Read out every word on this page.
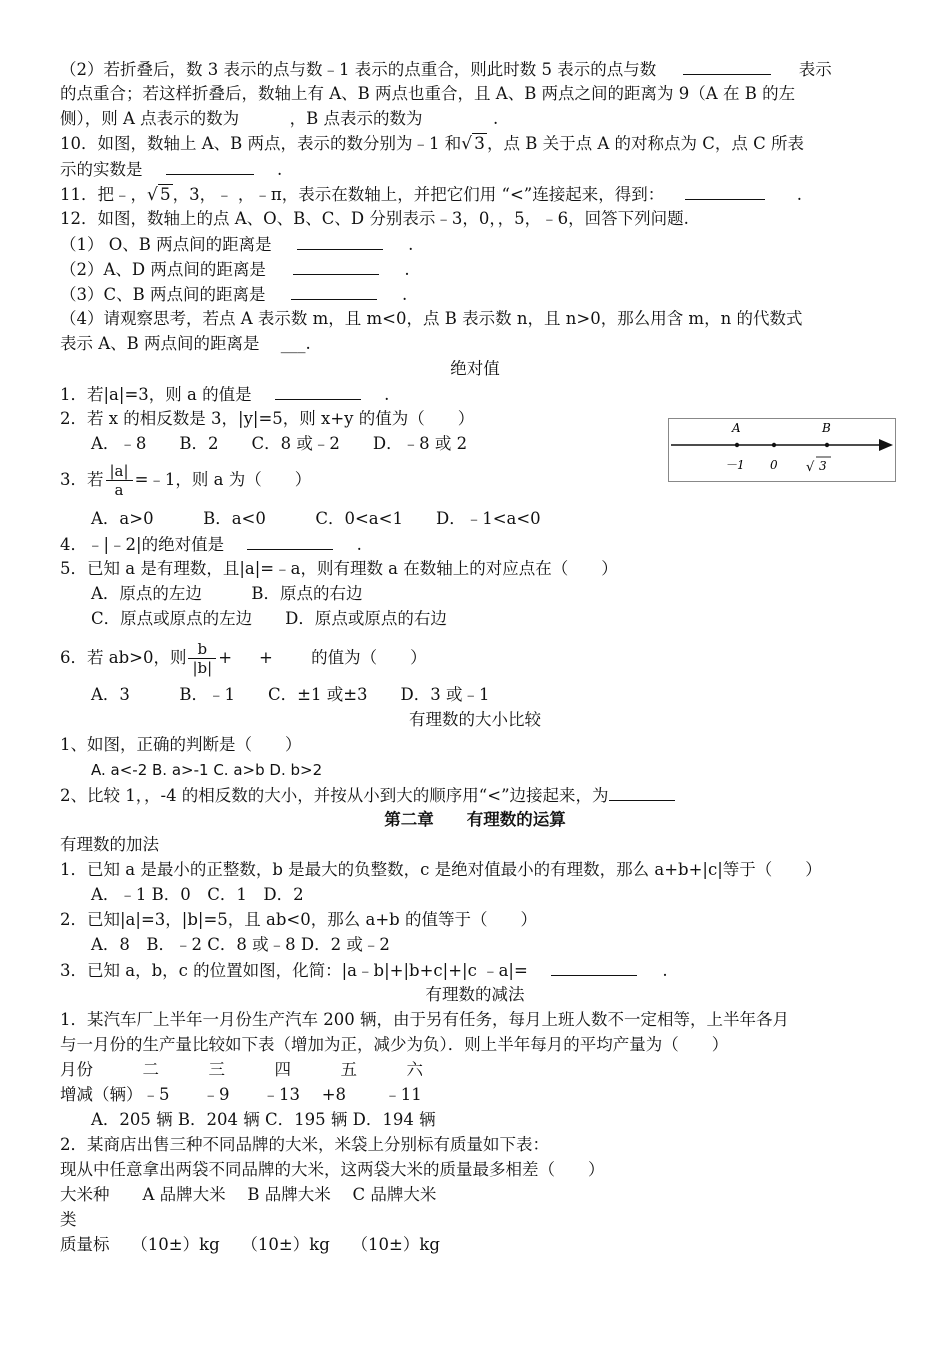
（2）若折叠后，数 3 表示的点与数﹣1 表示的点重合，则此时数 5 表示的点与数	表示
的点重合；若这样折叠后，数轴上有 A、B 两点也重合，且 A、B 两点之间的距离为 9（A 在 B 的左
侧），则 A 点表示的数为	，B 点表示的数为	.
10．如图，数轴上 A、B 两点，表示的数分别为﹣1 和√ 3 ，点 B 关于点 A 的对称点为 C，点 C 所表
示的实数是	.
11．把﹣，√ 5 ，3，﹣ ，﹣π，表示在数轴上，并把它们用 “<”连接起来，得到：	.
12．如图，数轴上的点 A、O、B、C、D 分别表示﹣3，0，，5，﹣6，回答下列问题.
（1） O、B 两点间的距离是	.
（2）A、D 两点间的距离是	.
（3）C、B 两点间的距离是	.
（4）请观察思考，若点 A 表示数 m，且 m<0，点 B 表示数 n，且 n>0，那么用含 m，n 的代数式
表示 A、B 两点间的距离是 ___.
绝对值
1．若|a|=3，则 a 的值是	.
2．若 x 的相反数是 3，|y|=5，则 x+y 的值为（　　）
A．﹣8　　B．2　　C．8 或﹣2　　D．﹣8 或 2
A	B
－1 0 √ 3
3．若 $\frac{|a|}{a}$ =﹣1，则 a 为（　　）
A．a>0　　　B．a<0　　　C．0<a<1　　D．﹣1<a<0
4．﹣|﹣2|的绝对值是	.
5．已知 a 是有理数，且|a|=﹣a，则有理数 a 在数轴上的对应点在（　　）
A．原点的左边　　　B．原点的右边
C．原点或原点的左边　　D．原点或原点的右边
6．若 ab>0，则 $\frac{b}{|b|}$ + 　 + 　　的值为（　　）
A．3　　　B．﹣1　　C．±1 或±3　　D．3 或﹣1
有理数的大小比较
1、如图，正确的判断是（　　）
A. a<-2 B. a>-1 C. a>b D. b>2
2、比较 1，，-4 的相反数的大小，并按从小到大的顺序用“<”边接起来，为
第二章　　有理数的运算
有理数的加法
1．已知 a 是最小的正整数，b 是最大的负整数，c 是绝对值最小的有理数，那么 a+b+|c|等于（　　）
A．﹣1 B．0　C．1　D．2
2．已知|a|=3，|b|=5，且 ab<0，那么 a+b 的值等于（　　）
A．8　B．﹣2 C．8 或﹣8 D．2 或﹣2
3．已知 a，b，c 的位置如图，化简：|a﹣b|+|b+c|+|c ﹣a|=	.
有理数的减法
1．某汽车厂上半年一月份生产汽车 200 辆，由于另有任务，每月上班人数不一定相等，上半年各月
与一月份的生产量比较如下表（增加为正，减少为负）．则上半年每月的平均产量为（　　）
月份　　　二　　　三　　　四　　　五　　　六
增减（辆）﹣5　　﹣9　　﹣13　 +8　　 ﹣11
A．205 辆 B．204 辆 C．195 辆 D．194 辆
2．某商店出售三种不同品牌的大米，米袋上分别标有质量如下表：
现从中任意拿出两袋不同品牌的大米，这两袋大米的质量最多相差（　　）
大米种　　A 品牌大米　 B 品牌大米　 C 品牌大米
类
质量标　 （10±）kg　 （10±）kg　 （10±）kg
